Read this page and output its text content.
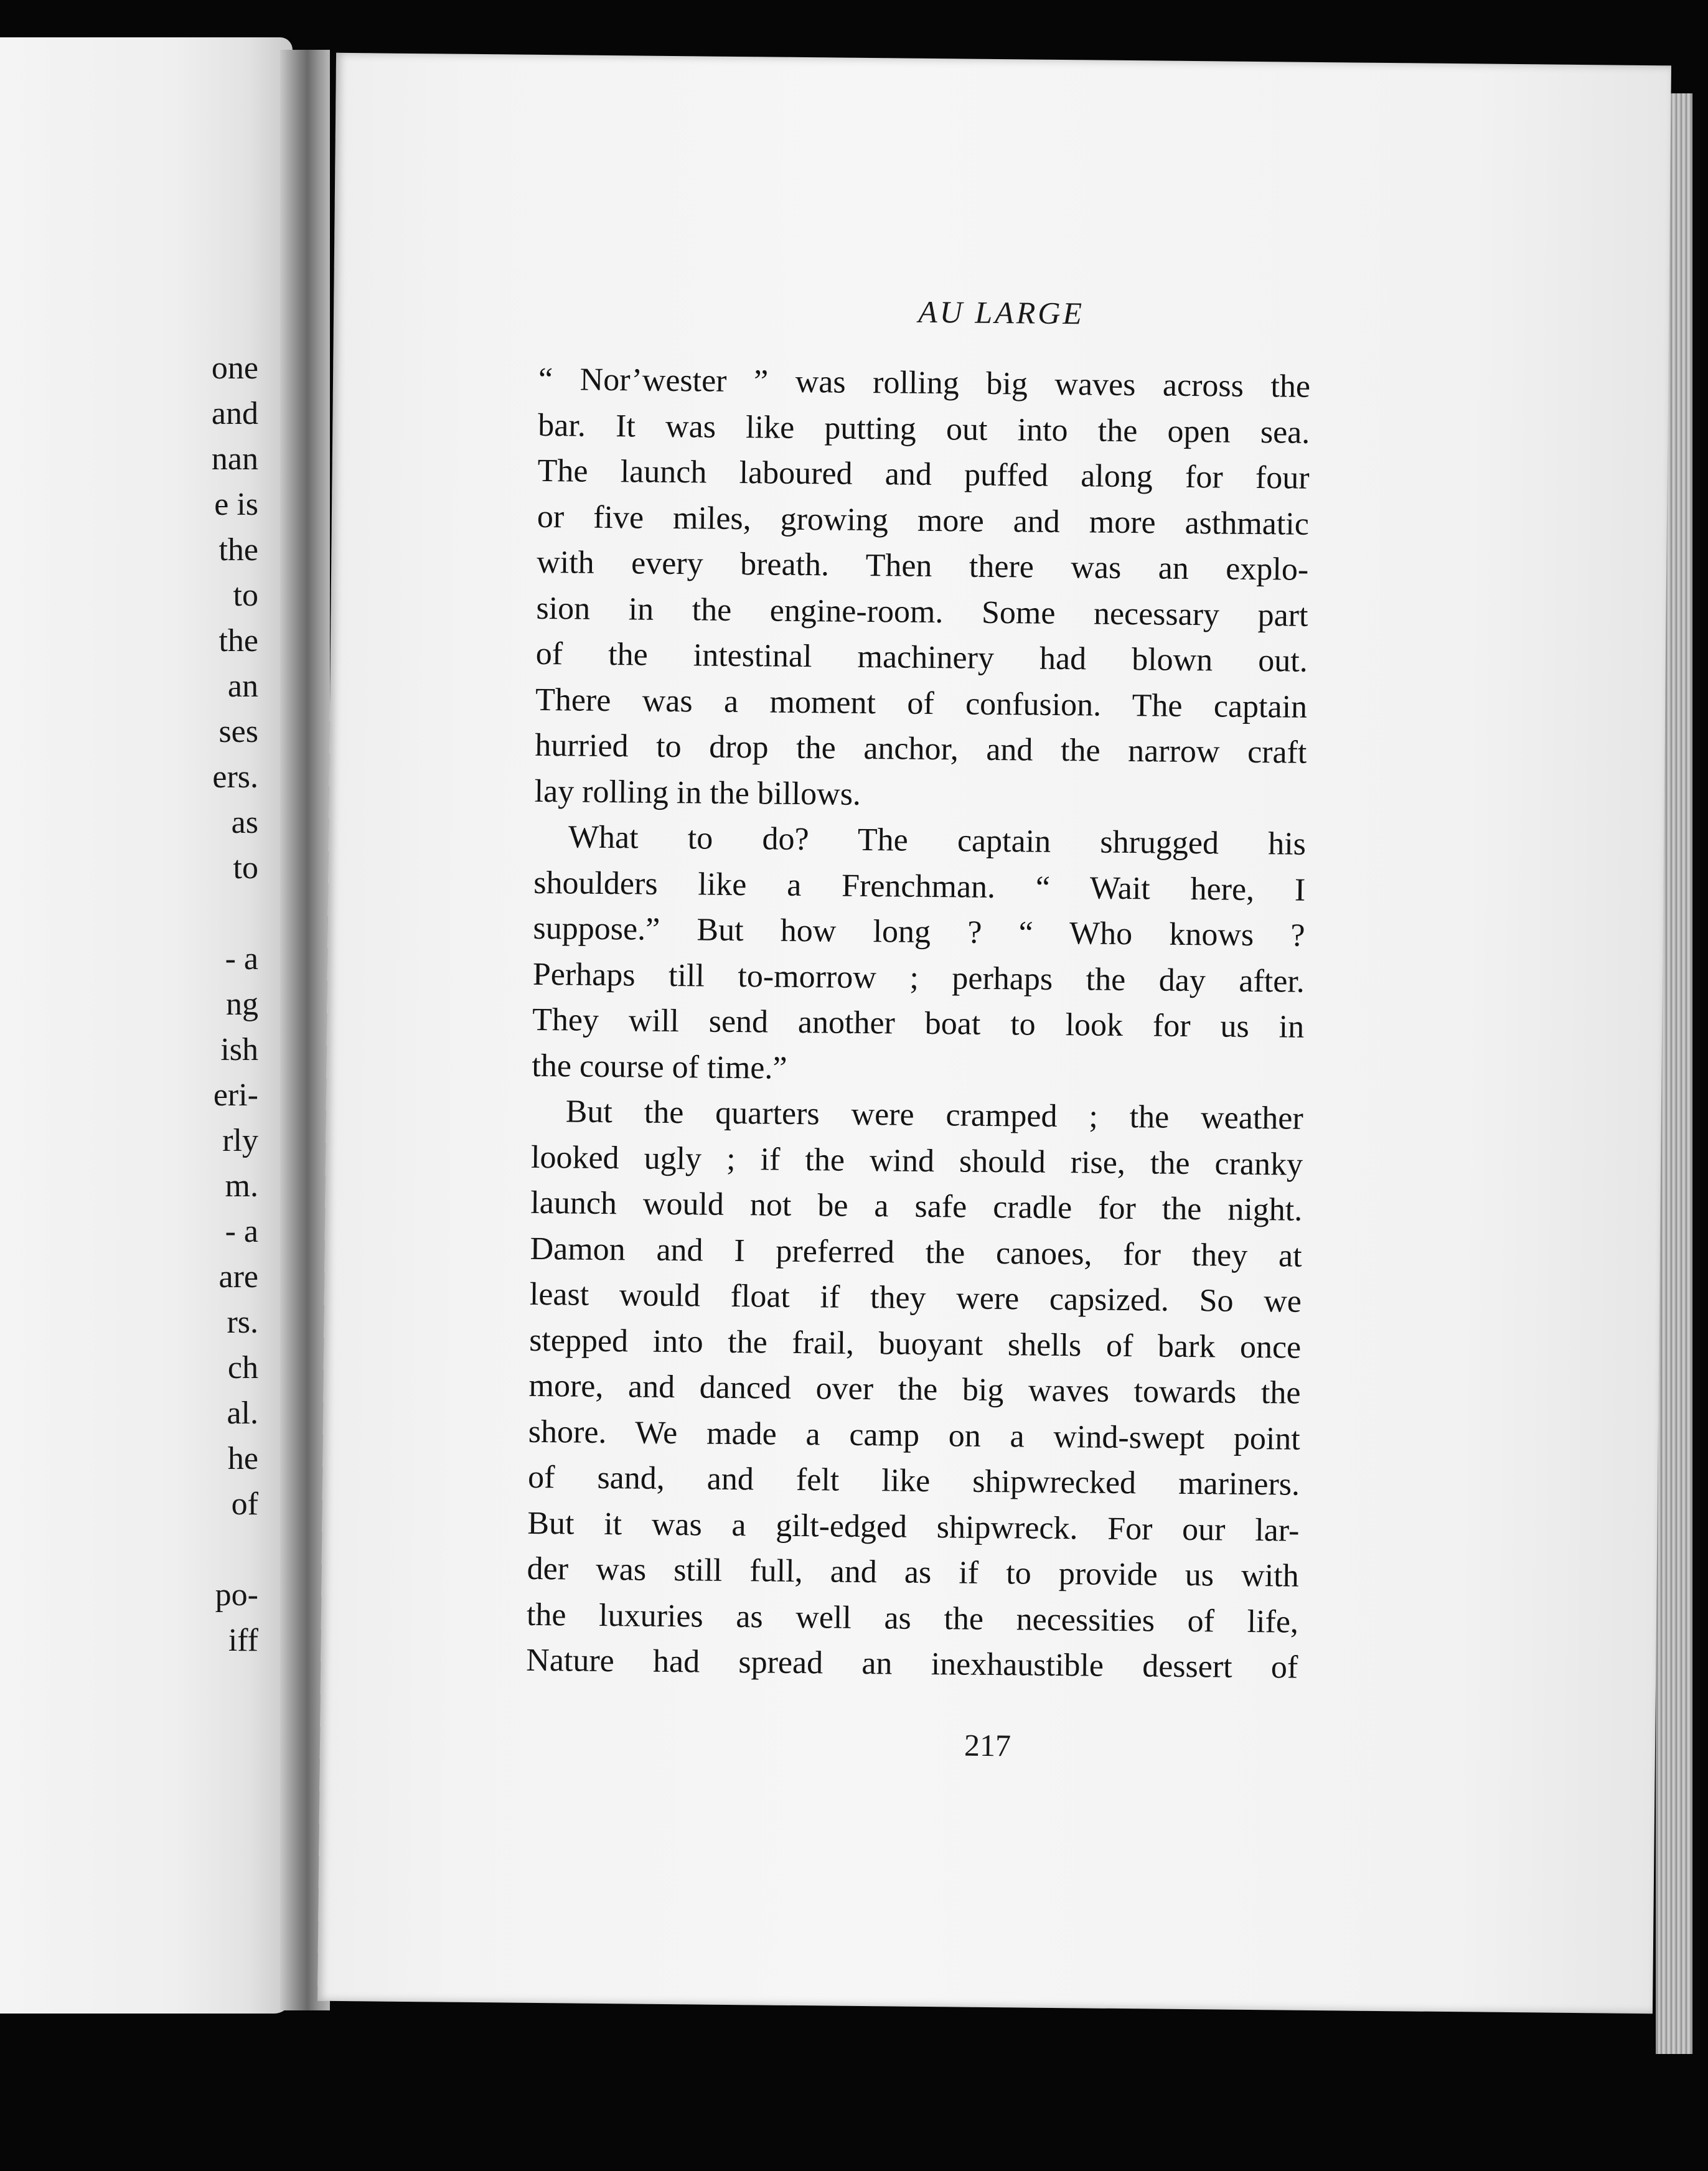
one
and
nan
e is
the
to
the
an
ses
ers.
as
to
- a
ng
ish
eri-
rly
m.
- a
are
rs.
ch
al.
he
of
po-
iff
AU LARGE
“ Nor’wester ” was rolling big waves across the
bar. It was like putting out into the open sea.
The launch laboured and puffed along for four
or five miles, growing more and more asthmatic
with every breath. Then there was an explo-
sion in the engine-room. Some necessary part
of the intestinal machinery had blown out.
There was a moment of confusion. The captain
hurried to drop the anchor, and the narrow craft
lay rolling in the billows.
What to do? The captain shrugged his
shoulders like a Frenchman. “ Wait here, I
suppose.” But how long ? “ Who knows ?
Perhaps till to-morrow ; perhaps the day after.
They will send another boat to look for us in
the course of time.”
But the quarters were cramped ; the weather
looked ugly ; if the wind should rise, the cranky
launch would not be a safe cradle for the night.
Damon and I preferred the canoes, for they at
least would float if they were capsized. So we
stepped into the frail, buoyant shells of bark once
more, and danced over the big waves towards the
shore. We made a camp on a wind-swept point
of sand, and felt like shipwrecked mariners.
But it was a gilt-edged shipwreck. For our lar-
der was still full, and as if to provide us with
the luxuries as well as the necessities of life,
Nature had spread an inexhaustible dessert of
217
